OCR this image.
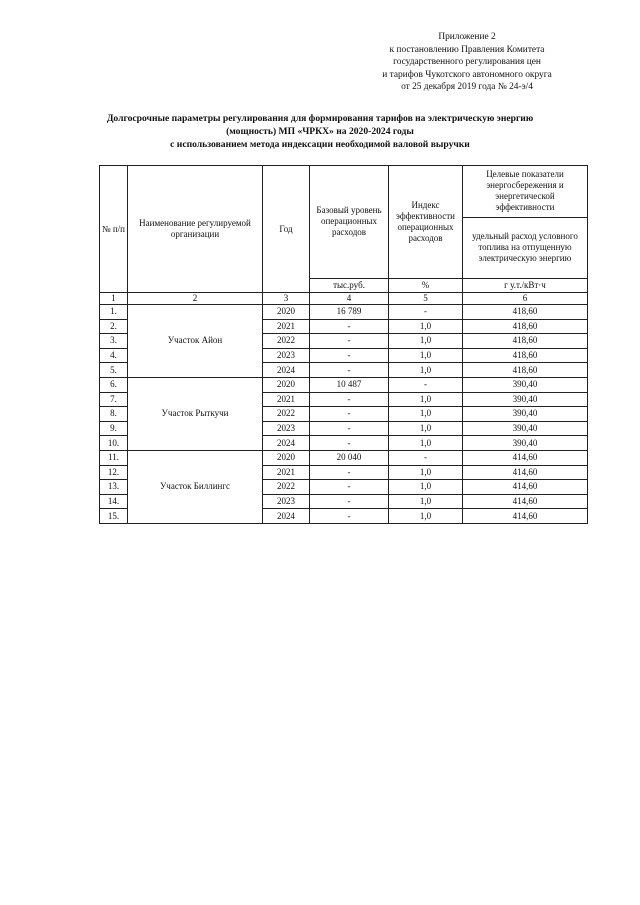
Приложение 2
к постановлению Правления Комитета
государственного регулирования цен
и тарифов Чукотского автономного округа
от 25 декабря 2019 года № 24-э/4
Долгосрочные параметры регулирования для формирования тарифов на электрическую энергию
(мощность) МП «ЧРКХ» на 2020-2024 годы
с использованием метода индексации необходимой валовой выручки
№ п/п	Наименование регулируемой организации	Год	Базовый уровень операционных расходов	Индекс эффективности операционных расходов	Целевые показатели энергосбережения и энергетической эффективности
					удельный расход условного топлива на отпущенную электрическую энергию
			тыс.руб.	%	г у.т./кВт·ч
1	2	3	4	5	6
1.	Участок Айон	2020	16 789	-	418,60
2.		2021	-	1,0	418,60
3.		2022	-	1,0	418,60
4.		2023	-	1,0	418,60
5.		2024	-	1,0	418,60
6.	Участок Рыткучи	2020	10 487	-	390,40
7.		2021	-	1,0	390,40
8.		2022	-	1,0	390,40
9.		2023	-	1,0	390,40
10.		2024	-	1,0	390,40
11.	Участок Биллингс	2020	20 040	-	414,60
12.		2021	-	1,0	414,60
13.		2022	-	1,0	414,60
14.		2023	-	1,0	414,60
15.		2024	-	1,0	414,60
